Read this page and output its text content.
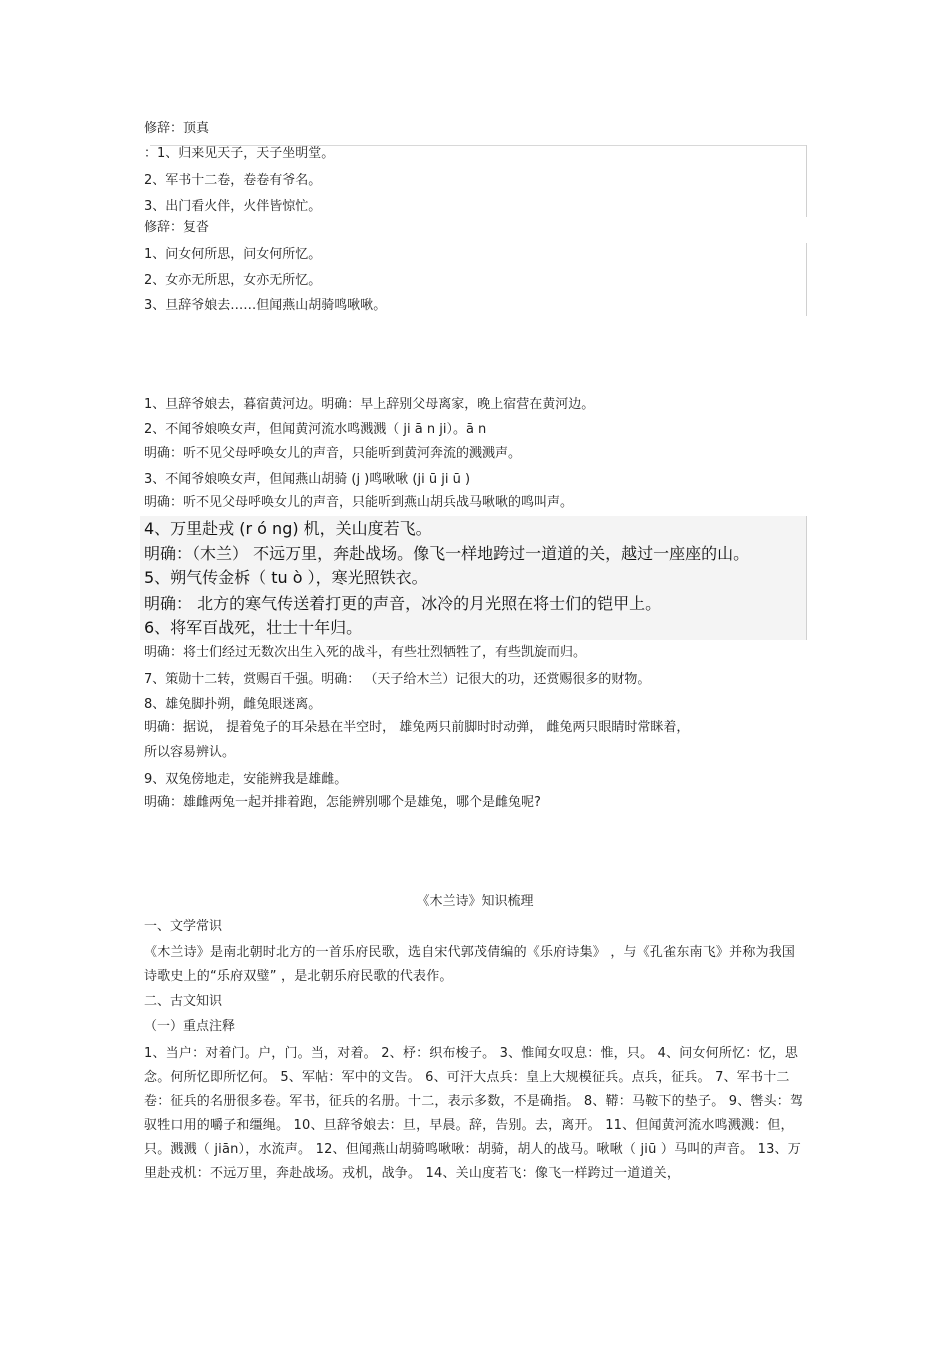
修辞：顶真
：1、归来见天子，天子坐明堂。
2、军书十二卷，卷卷有爷名。
3、出门看火伴，火伴皆惊忙。
修辞：复沓
1、问女何所思，问女何所忆。
2、女亦无所思，女亦无所忆。
3、旦辞爷娘去……但闻燕山胡骑鸣啾啾。
1、旦辞爷娘去，暮宿黄河边。明确：早上辞别父母离家，晚上宿营在黄河边。
2、不闻爷娘唤女声，但闻黄河流水鸣溅溅（ ji ā n ji）。ā n
明确：听不见父母呼唤女儿的声音，只能听到黄河奔流的溅溅声。
3、不闻爷娘唤女声，但闻燕山胡骑 (j )鸣啾啾 (ji ū ji ū )
明确：听不见父母呼唤女儿的声音，只能听到燕山胡兵战马啾啾的鸣叫声。
4、万里赴戎 (r ó ng) 机，关山度若飞。
明确：（木兰） 不远万里，奔赴战场。像飞一样地跨过一道道的关，越过一座座的山。
5、朔气传金柝（ tu ò ），寒光照铁衣。
明确： 北方的寒气传送着打更的声音，冰冷的月光照在将士们的铠甲上。
6、将军百战死，壮士十年归。
明确：将士们经过无数次出生入死的战斗，有些壮烈牺牲了，有些凯旋而归。
7、策勋十二转，赏赐百千强。明确： （天子给木兰）记很大的功，还赏赐很多的财物。
8、雄兔脚扑朔，雌兔眼迷离。
明确：据说， 提着兔子的耳朵悬在半空时， 雄兔两只前脚时时动弹， 雌兔两只眼睛时常眯着，
所以容易辨认。
9、双兔傍地走，安能辨我是雄雌。
明确：雄雌两兔一起并排着跑，怎能辨别哪个是雄兔，哪个是雌兔呢?
《木兰诗》知识梳理
一、文学常识
《木兰诗》是南北朝时北方的一首乐府民歌，选自宋代郭茂倩编的《乐府诗集》 ，与《孔雀东南飞》并称为我国诗歌史上的“乐府双璧” ，是北朝乐府民歌的代表作。
二、古文知识
（一）重点注释
1、当户：对着门。户，门。当，对着。 2、杼：织布梭子。 3、惟闻女叹息：惟，只。 4、问女何所忆：忆，思念。何所忆即所忆何。 5、军帖：军中的文告。 6、可汗大点兵：皇上大规模征兵。点兵，征兵。 7、军书十二卷：征兵的名册很多卷。军书，征兵的名册。十二，表示多数，不是确指。 8、鞯：马鞍下的垫子。 9、辔头：驾驭牲口用的嚼子和缰绳。 10、旦辞爷娘去：旦，早晨。辞，告别。去，离开。 11、但闻黄河流水鸣溅溅：但，只。溅溅（ jiān），水流声。 12、但闻燕山胡骑鸣啾啾：胡骑，胡人的战马。啾啾（ jiū ）马叫的声音。 13、万里赴戎机：不远万里，奔赴战场。戎机，战争。 14、关山度若飞：像飞一样跨过一道道关，
